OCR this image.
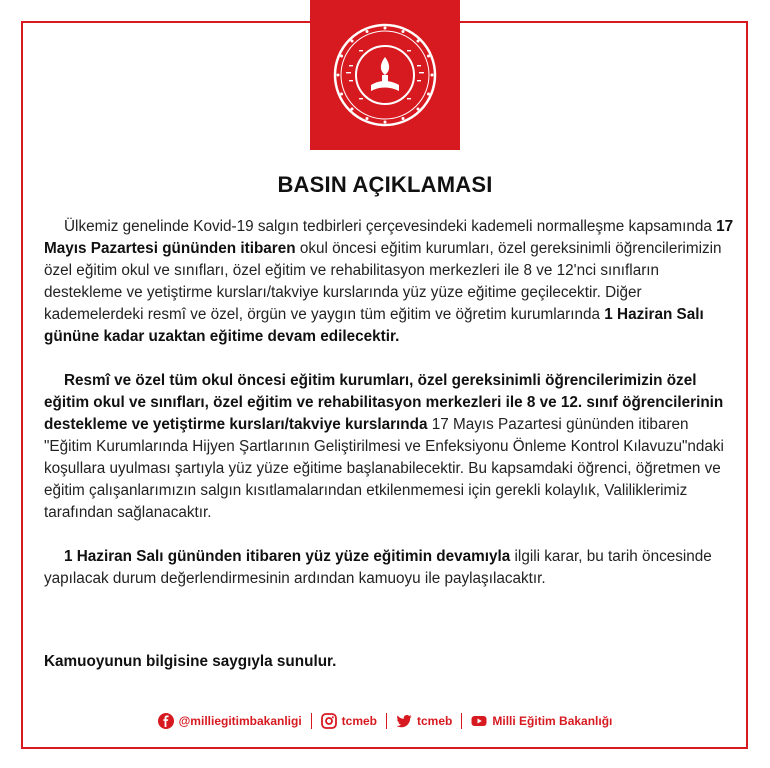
BASIN AÇIKLAMASI

Ülkemiz genelinde Kovid-19 salgın tedbirleri çerçevesindeki kademeli normalleşme kapsamında 17 Mayıs Pazartesi gününden itibaren okul öncesi eğitim kurumları, özel gereksinimli öğrencilerimizin özel eğitim okul ve sınıfları, özel eğitim ve rehabilitasyon merkezleri ile 8 ve 12'nci sınıfların destekleme ve yetiştirme kursları/takviye kurslarında yüz yüze eğitime geçilecektir. Diğer kademelerdeki resmî ve özel, örgün ve yaygın tüm eğitim ve öğretim kurumlarında 1 Haziran Salı gününe kadar uzaktan eğitime devam edilecektir.

Resmî ve özel tüm okul öncesi eğitim kurumları, özel gereksinimli öğrencilerimizin özel eğitim okul ve sınıfları, özel eğitim ve rehabilitasyon merkezleri ile 8 ve 12. sınıf öğrencilerinin destekleme ve yetiştirme kursları/takviye kurslarında 17 Mayıs Pazartesi gününden itibaren "Eğitim Kurumlarında Hijyen Şartlarının Geliştirilmesi ve Enfeksiyonu Önleme Kontrol Kılavuzu"ndaki koşullara uyulması şartıyla yüz yüze eğitime başlanabilecektir. Bu kapsamdaki öğrenci, öğretmen ve eğitim çalışanlarımızın salgın kısıtlamalarından etkilenmemesi için gerekli kolaylık, Valiliklerimiz tarafından sağlanacaktır.

1 Haziran Salı gününden itibaren yüz yüze eğitimin devamıyla ilgili karar, bu tarih öncesinde yapılacak durum değerlendirmesinin ardından kamuoyu ile paylaşılacaktır.

Kamuoyunun bilgisine saygıyla sunulur.
@milliegitimbakanligi	tcmeb	tcmeb	Milli Eğitim Bakanlığı
